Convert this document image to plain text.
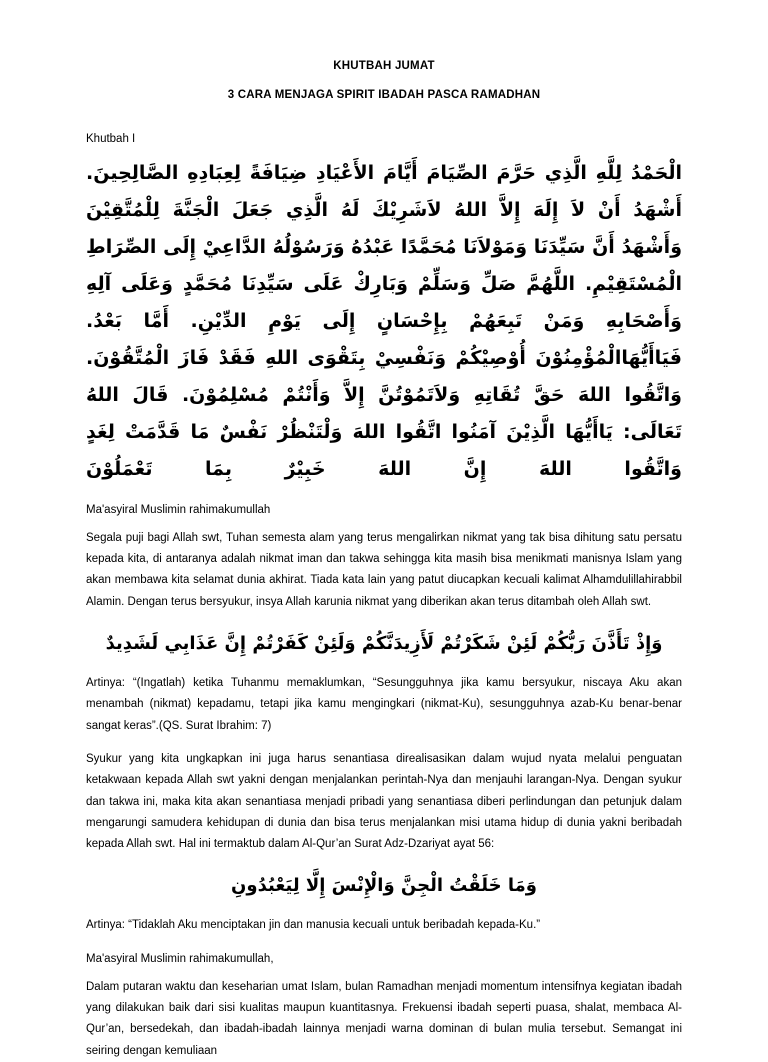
KHUTBAH JUMAT
3 CARA MENJAGA SPIRIT IBADAH PASCA RAMADHAN
Khutbah I
الْحَمْدُ لِلَّهِ الَّذِي حَرَّمَ الصِّيَامَ أَيَّامَ الأَعْيَادِ ضِيَافَةً لِعِبَادِهِ الصَّالِحِينَ. أَشْهَدُ أَنْ لاَ إِلَهَ إِلاَّ اللهُ لاَشَرِيْكَ لَهُ الَّذِي جَعَلَ الْجَنَّةَ لِلْمُتَّقِيْنَ وَأَشْهَدُ أَنَّ سَيِّدَنَا وَمَوْلاَنَا مُحَمَّدًا عَبْدُهُ وَرَسُوْلُهُ الدَّاعِيْ إِلَى الصِّرَاطِ الْمُسْتَقِيْمِ. اللَّهُمَّ صَلِّ وَسَلِّمْ وَبَارِكْ عَلَى سَيِّدِنَا مُحَمَّدٍ وَعَلَى آلِهِ وَأَصْحَابِهِ وَمَنْ تَبِعَهُمْ بِإِحْسَانٍ إِلَى يَوْمِ الدِّيْنِ. أَمَّا بَعْدُ. فَيَاأَيُّهَاالْمُؤْمِنُوْنَ أُوْصِيْكُمْ وَنَفْسِيْ بِتَقْوَى اللهِ فَقَدْ فَازَ الْمُتَّقُوْنَ. وَاتَّقُوا اللهَ حَقَّ تُقَاتِهِ وَلاَتَمُوْتُنَّ إِلاَّ وَأَنْتُمْ مُسْلِمُوْنَ. قَالَ اللهُ تَعَالَى: يَاأَيُّهَا الَّذِيْنَ آمَنُوا اتَّقُوا اللهَ وَلْتَنْظُرْ نَفْسٌ مَا قَدَّمَتْ لِغَدٍ وَاتَّقُوا اللهَ إِنَّ اللهَ خَبِيْرٌ بِمَا تَعْمَلُوْنَ
Ma'asyiral Muslimin rahimakumullah

Segala puji bagi Allah swt, Tuhan semesta alam yang terus mengalirkan nikmat yang tak bisa dihitung satu persatu kepada kita, di antaranya adalah nikmat iman dan takwa sehingga kita masih bisa menikmati manisnya Islam yang akan membawa kita selamat dunia akhirat. Tiada kata lain yang patut diucapkan kecuali kalimat Alhamdulillahirabbil Alamin. Dengan terus bersyukur, insya Allah karunia nikmat yang diberikan akan terus ditambah oleh Allah swt.

وَإِذْ تَأَذَّنَ رَبُّكُمْ لَئِنْ شَكَرْتُمْ لَأَزِيدَنَّكُمْ وَلَئِنْ كَفَرْتُمْ إِنَّ عَذَابِي لَشَدِيدٌ

Artinya: “(Ingatlah) ketika Tuhanmu memaklumkan, “Sesungguhnya jika kamu bersyukur, niscaya Aku akan menambah (nikmat) kepadamu, tetapi jika kamu mengingkari (nikmat-Ku), sesungguhnya azab-Ku benar-benar sangat keras”.(QS. Surat Ibrahim: 7)

Syukur yang kita ungkapkan ini juga harus senantiasa direalisasikan dalam wujud nyata melalui penguatan ketakwaan kepada Allah swt yakni dengan menjalankan perintah-Nya dan menjauhi larangan-Nya. Dengan syukur dan takwa ini, maka kita akan senantiasa menjadi pribadi yang senantiasa diberi perlindungan dan petunjuk dalam mengarungi samudera kehidupan di dunia dan bisa terus menjalankan misi utama hidup di dunia yakni beribadah kepada Allah swt. Hal ini termaktub dalam Al-Qur’an Surat Adz-Dzariyat ayat 56:

وَمَا خَلَقْتُ الْجِنَّ وَالْإِنْسَ إِلَّا لِيَعْبُدُونِ

Artinya: “Tidaklah Aku menciptakan jin dan manusia kecuali untuk beribadah kepada-Ku.”

Ma'asyiral Muslimin rahimakumullah,

Dalam putaran waktu dan keseharian umat Islam, bulan Ramadhan menjadi momentum intensifnya kegiatan ibadah yang dilakukan baik dari sisi kualitas maupun kuantitasnya. Frekuensi ibadah seperti puasa, shalat, membaca Al-Qur’an, bersedekah, dan ibadah-ibadah lainnya menjadi warna dominan di bulan mulia tersebut. Semangat ini seiring dengan kemuliaan
